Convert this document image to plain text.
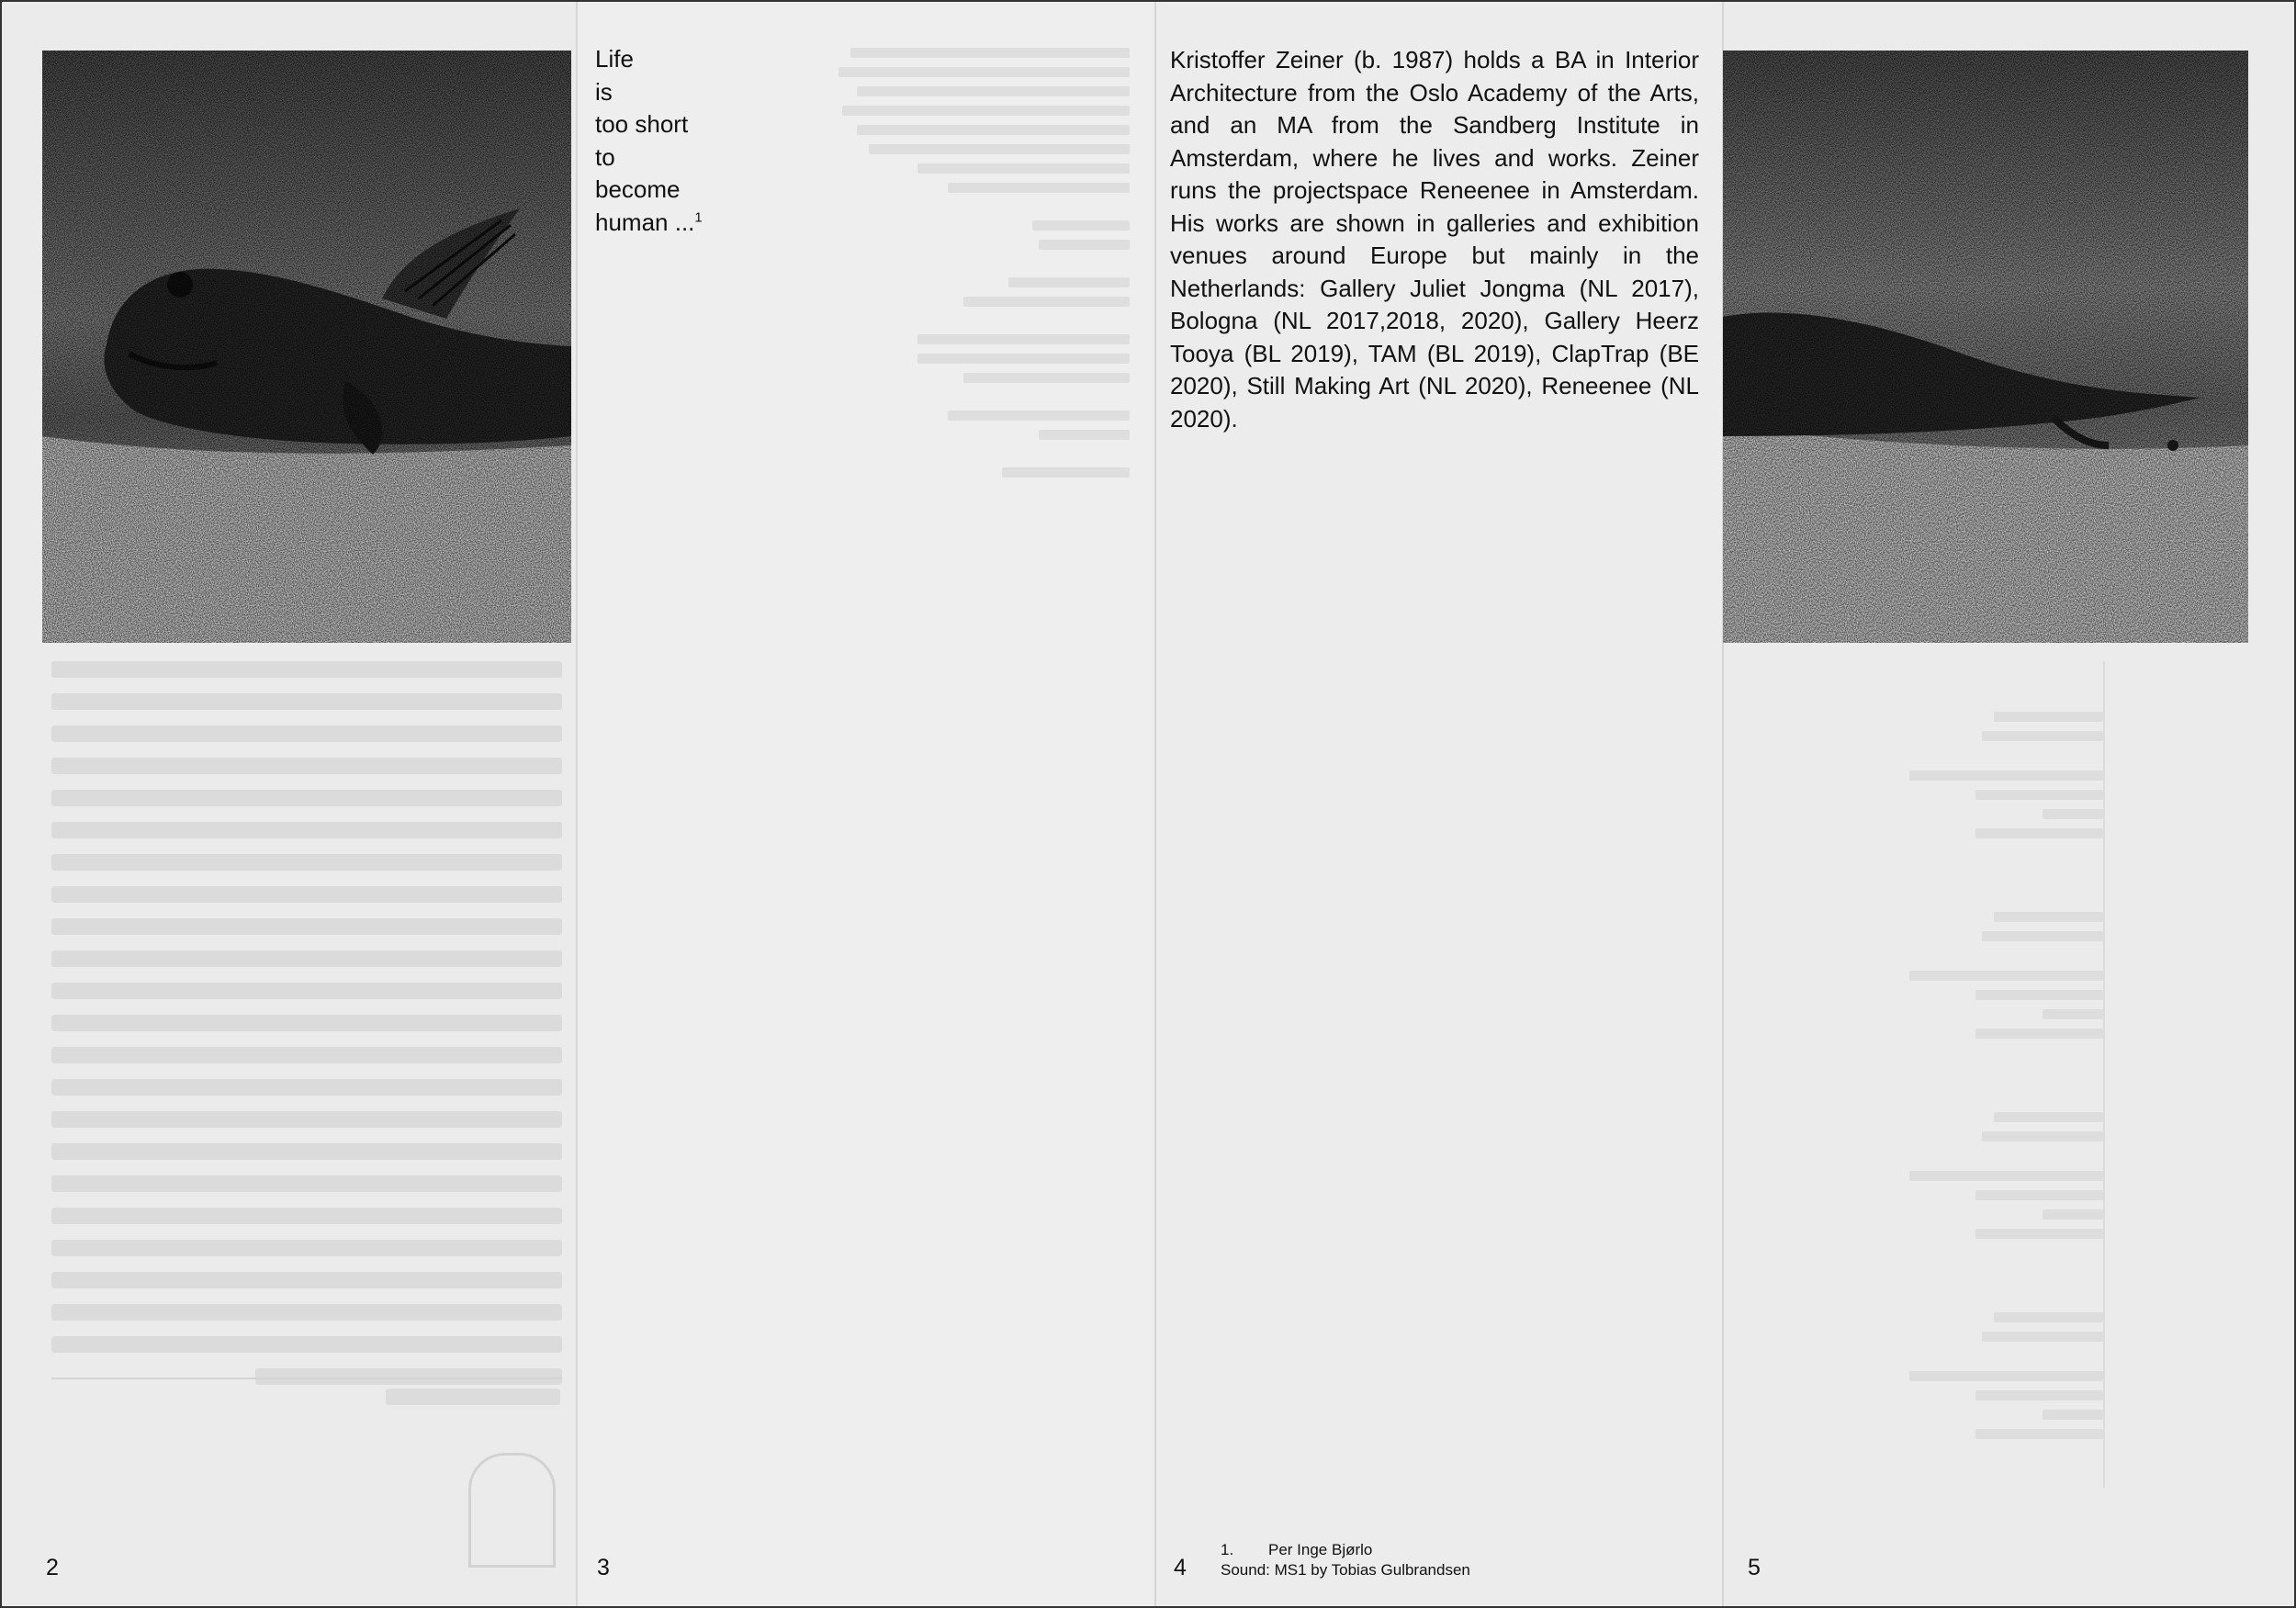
Life
is
too short
to
become
human ...$^1$
Kristoffer Zeiner (b. 1987) holds a BA in Interior Architecture from the Oslo Academy of the Arts, and an MA from the Sandberg Institute in Amsterdam, where he lives and works. Zeiner runs the projectspace Reneenee in Amsterdam. His works are shown in galleries and exhibition venues around Europe but mainly in the Netherlands: Gallery Juliet Jongma (NL 2017), Bologna (NL 2017,2018, 2020), Gallery Heerz Tooya (BL 2019), TAM (BL 2019), ClapTrap (BE 2020), Still Making Art (NL 2020), Reneenee (NL 2020).
1. Per Inge Bjørlo
Sound: MS1 by Tobias Gulbrandsen
2	3	4	5
